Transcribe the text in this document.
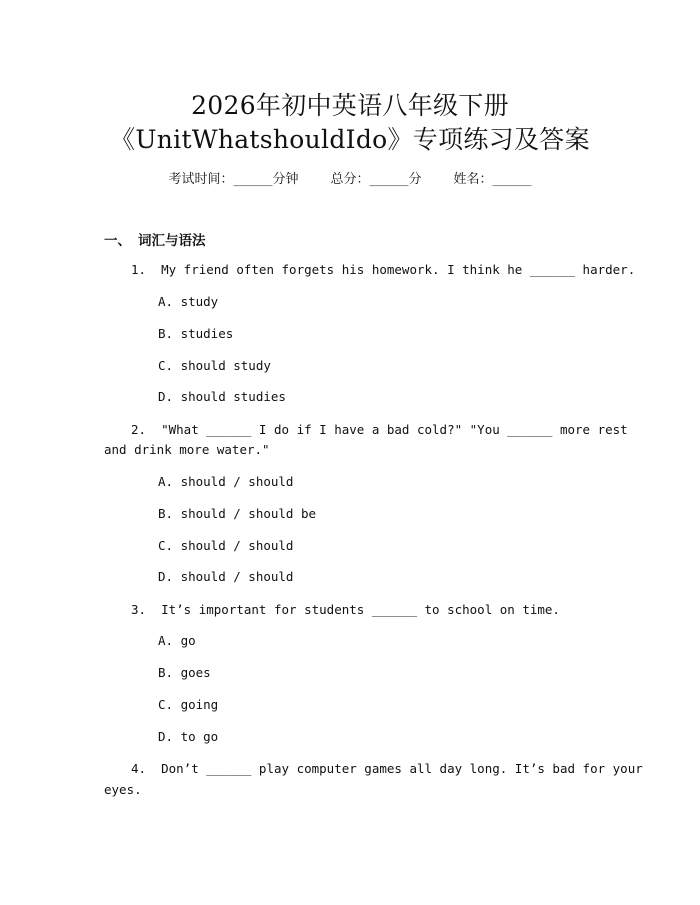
2026年初中英语八年级下册
《UnitWhatshouldIdo》专项练习及答案
考试时间：______分钟 总分：______分 姓名：______
一、 词汇与语法
1.  My friend often forgets his homework. I think he ______ harder.
A. study
B. studies
C. should study
D. should studies
2.  "What ______ I do if I have a bad cold?" "You ______ more rest
and drink more water."
A. should / should
B. should / should be
C. should / should
D. should / should
3.  It’s important for students ______ to school on time.
A. go
B. goes
C. going
D. to go
4.  Don’t ______ play computer games all day long. It’s bad for your
eyes.
